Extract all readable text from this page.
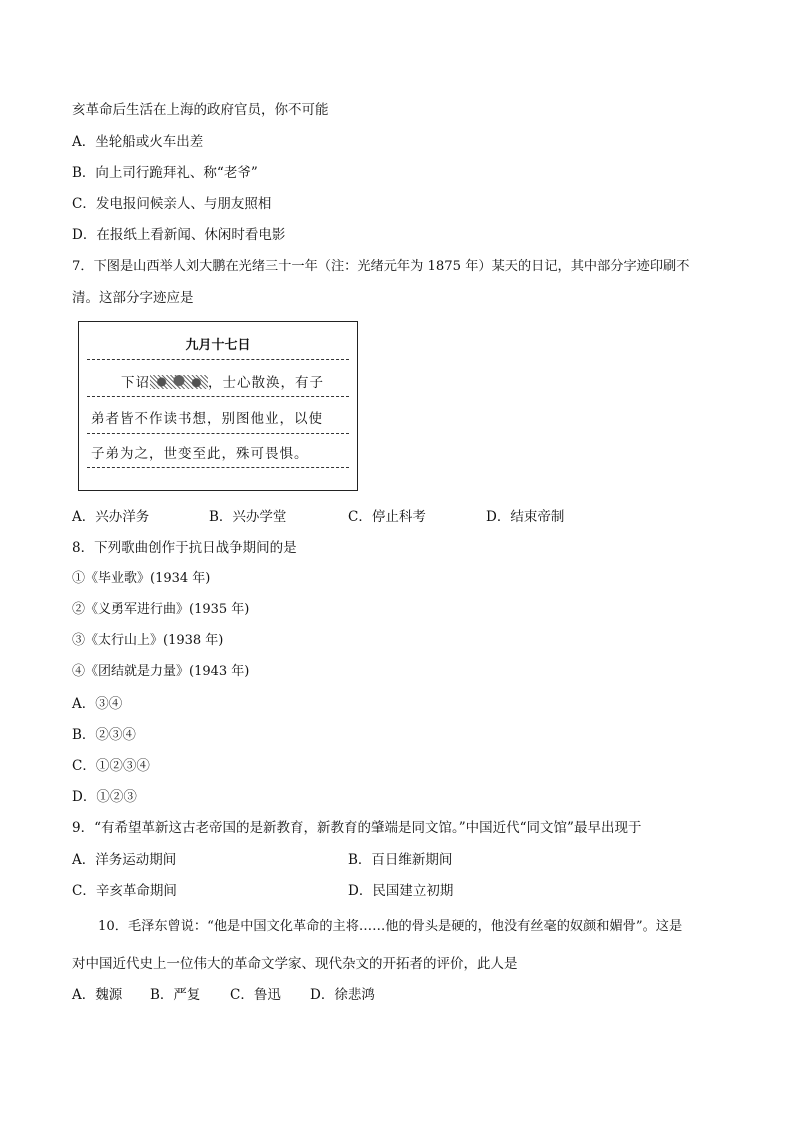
亥革命后生活在上海的政府官员，你不可能
A．坐轮船或火车出差
B．向上司行跪拜礼、称“老爷”
C．发电报问候亲人、与朋友照相
D．在报纸上看新闻、休闲时看电影
7．下图是山西举人刘大鹏在光绪三十一年（注：光绪元年为 1875 年）某天的日记，其中部分字迹印刷不
清。这部分字迹应是
九月十七日
下诏	，士心散涣，有子
弟者皆不作读书想，别图他业，以使
子弟为之，世变至此，殊可畏惧。
A．兴办洋务	B．兴办学堂	C．停止科考	D．结束帝制
8．下列歌曲创作于抗日战争期间的是
①《毕业歌》(1934 年)
②《义勇军进行曲》(1935 年)
③《太行山上》(1938 年)
④《团结就是力量》(1943 年)
A．③④
B．②③④
C．①②③④
D．①②③
9．“有希望革新这古老帝国的是新教育，新教育的肇端是同文馆。”中国近代“同文馆”最早出现于
A．洋务运动期间	B．百日维新期间
C．辛亥革命期间	D．民国建立初期
10．毛泽东曾说：“他是中国文化革命的主将……他的骨头是硬的，他没有丝毫的奴颜和媚骨”。这是
对中国近代史上一位伟大的革命文学家、现代杂文的开拓者的评价，此人是
A．魏源 B．严复 C．鲁迅 D．徐悲鸿
